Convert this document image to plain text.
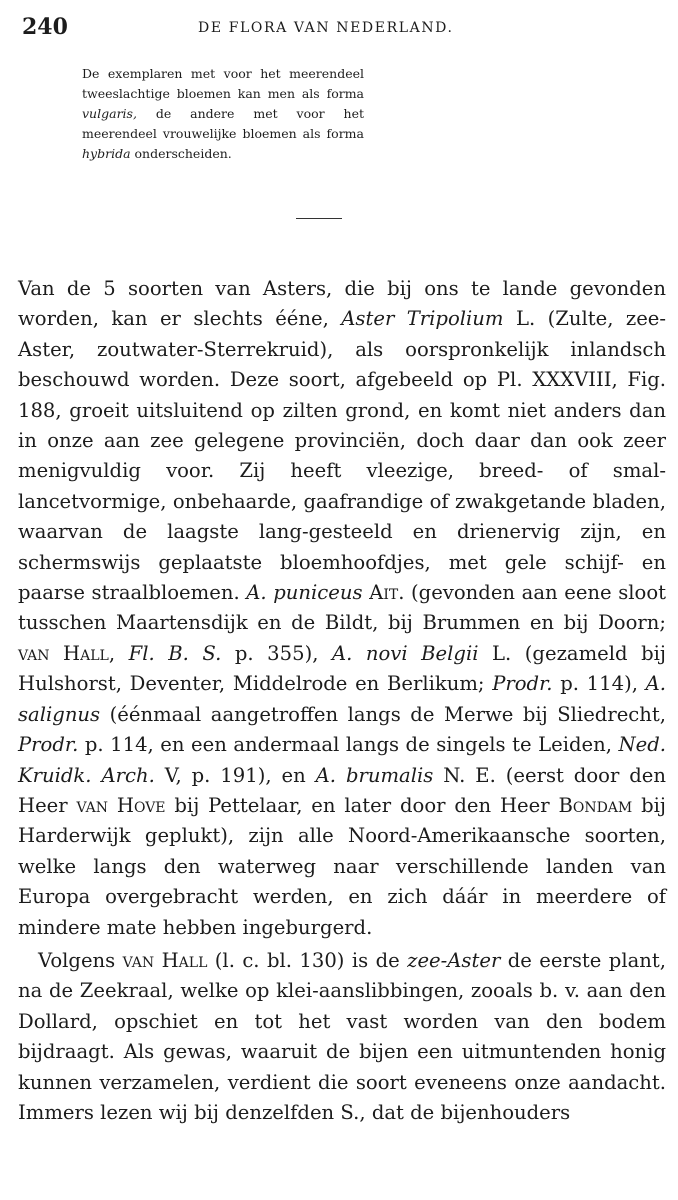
240	DE FLORA VAN NEDERLAND.

De exemplaren met voor het meerendeel tweeslachtige bloemen kan men als forma vulgaris, de andere met voor het meerendeel vrouwelijke bloemen als forma hybrida onderscheiden.

Van de 5 soorten van Asters, die bij ons te lande gevonden worden, kan er slechts éénе, Aster Tripolium L. (Zulte, zee-Aster, zoutwater-Sterrekruid), als oorspronkelijk inlandsch beschouwd worden. Deze soort, afgebeeld op Pl. XXXVIII, Fig. 188, groeit uitsluitend op zilten grond, en komt niet anders dan in onze aan zee gelegene provinciën, doch daar dan ook zeer menigvuldig voor. Zij heeft vleezige, breed- of smal-lancetvormige, onbehaarde, gaafrandige of zwakgetande bladen, waarvan de laagste lang-gesteeld en drienervig zijn, en schermswijs geplaatste bloemhoofdjes, met gele schijf- en paarse straalbloemen. A. puniceus Ait. (gevonden aan eene sloot tusschen Maartensdijk en de Bildt, bij Brummen en bij Doorn; van Hall, Fl. B. S. p. 355), A. novi Belgii L. (gezameld bij Hulshorst, Deventer, Middelrode en Berlikum; Prodr. p. 114), A. salignus (éénmaal aangetroffen langs de Merwe bij Sliedrecht, Prodr. p. 114, en een andermaal langs de singels te Leiden, Ned. Kruidk. Arch. V, p. 191), en A. brumalis N. E. (eerst door den Heer van Hove bij Pettelaar, en later door den Heer Bondam bij Harderwijk geplukt), zijn alle Noord-Amerikaansche soorten, welke langs den waterweg naar verschillende landen van Europa overgebracht werden, en zich dáár in meerdere of mindere mate hebben ingeburgerd.

Volgens van Hall (l. c. bl. 130) is de zee-Aster de eerste plant, na de Zeekraal, welke op klei-aanslibbingen, zooals b. v. aan den Dollard, opschiet en tot het vast worden van den bodem bijdraagt. Als gewas, waaruit de bijen een uitmuntenden honig kunnen verzamelen, verdient die soort eveneens onze aandacht. Immers lezen wij bij denzelfden S., dat de bijenhouders
